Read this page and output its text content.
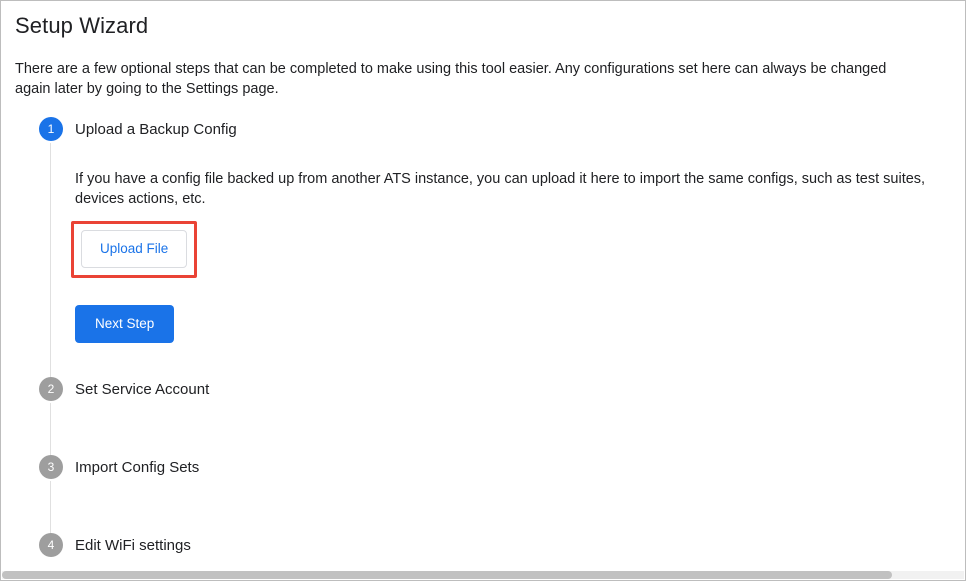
Setup Wizard

There are a few optional steps that can be completed to make using this tool easier. Any configurations set here can always be changed again later by going to the Settings page.

1	Upload a Backup Config
If you have a config file backed up from another ATS instance, you can upload it here to import the same configs, such as test suites, devices actions, etc.
Upload File
Next Step
2	Set Service Account
3	Import Config Sets
4	Edit WiFi settings
